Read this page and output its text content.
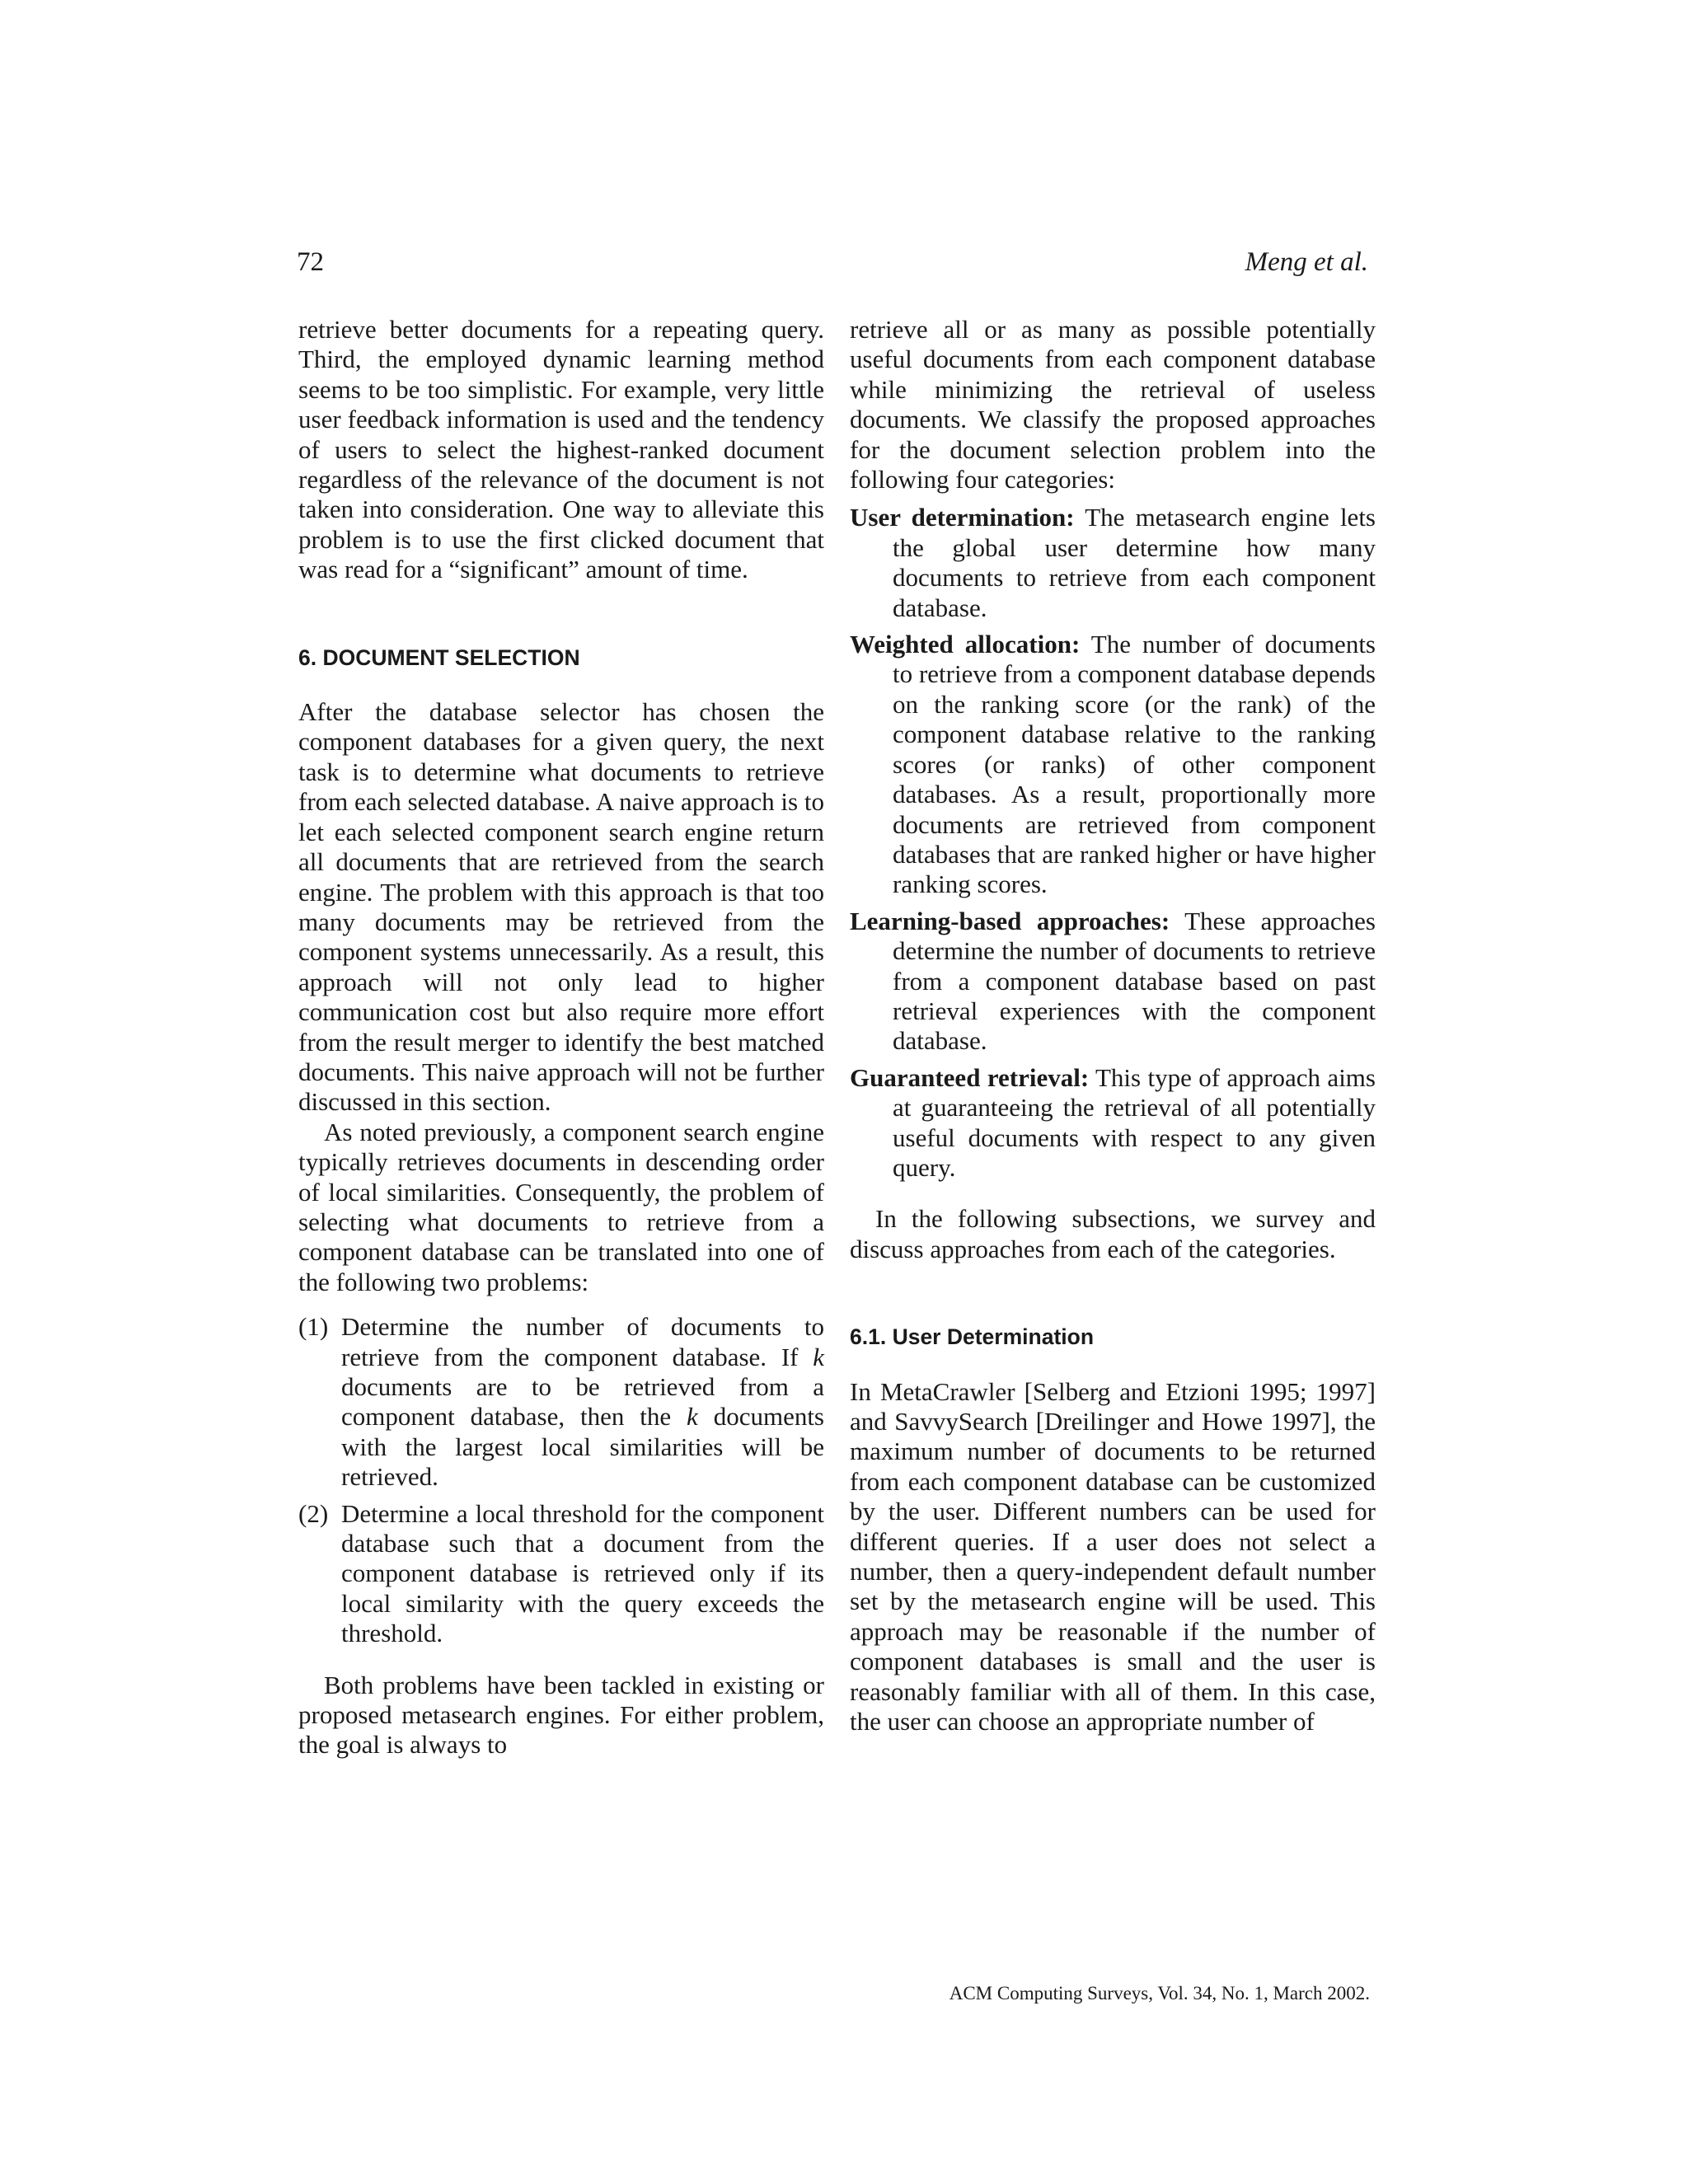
72	Meng et al.

retrieve better documents for a repeating query. Third, the employed dynamic learning method seems to be too simplistic. For example, very little user feedback information is used and the tendency of users to select the highest-ranked document regardless of the relevance of the document is not taken into consideration. One way to alleviate this problem is to use the first clicked document that was read for a “significant” amount of time.

6. DOCUMENT SELECTION

After the database selector has chosen the component databases for a given query, the next task is to determine what documents to retrieve from each selected database. A naive approach is to let each selected component search engine return all documents that are retrieved from the search engine. The problem with this approach is that too many documents may be retrieved from the component systems unnecessarily. As a result, this approach will not only lead to higher communication cost but also require more effort from the result merger to identify the best matched documents. This naive approach will not be further discussed in this section.

As noted previously, a component search engine typically retrieves documents in descending order of local similarities. Consequently, the problem of selecting what documents to retrieve from a component database can be translated into one of the following two problems:

(1) Determine the number of documents to retrieve from the component database. If k documents are to be retrieved from a component database, then the k documents with the largest local similarities will be retrieved.
(2) Determine a local threshold for the component database such that a document from the component database is retrieved only if its local similarity with the query exceeds the threshold.

Both problems have been tackled in existing or proposed metasearch engines. For either problem, the goal is always to

retrieve all or as many as possible potentially useful documents from each component database while minimizing the retrieval of useless documents. We classify the proposed approaches for the document selection problem into the following four categories:

User determination: The metasearch engine lets the global user determine how many documents to retrieve from each component database.
Weighted allocation: The number of documents to retrieve from a component database depends on the ranking score (or the rank) of the component database relative to the ranking scores (or ranks) of other component databases. As a result, proportionally more documents are retrieved from component databases that are ranked higher or have higher ranking scores.
Learning-based approaches: These approaches determine the number of documents to retrieve from a component database based on past retrieval experiences with the component database.
Guaranteed retrieval: This type of approach aims at guaranteeing the retrieval of all potentially useful documents with respect to any given query.

In the following subsections, we survey and discuss approaches from each of the categories.

6.1. User Determination

In MetaCrawler [Selberg and Etzioni 1995; 1997] and SavvySearch [Dreilinger and Howe 1997], the maximum number of documents to be returned from each component database can be customized by the user. Different numbers can be used for different queries. If a user does not select a number, then a query-independent default number set by the metasearch engine will be used. This approach may be reasonable if the number of component databases is small and the user is reasonably familiar with all of them. In this case, the user can choose an appropriate number of

ACM Computing Surveys, Vol. 34, No. 1, March 2002.
